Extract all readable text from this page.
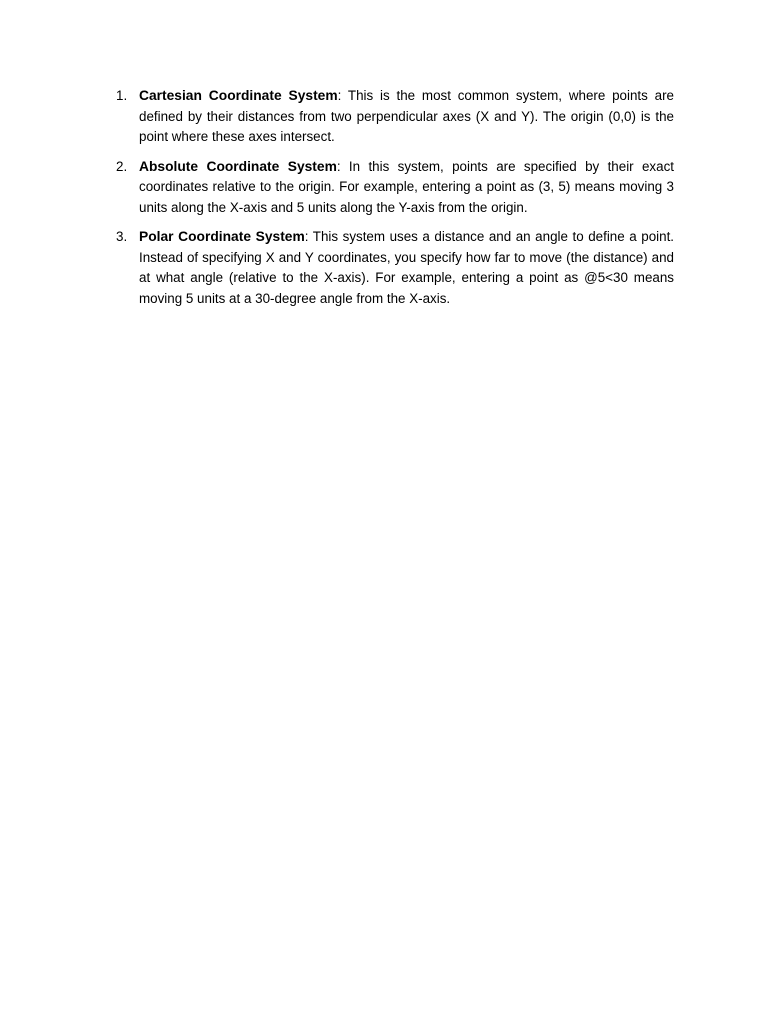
1. Cartesian Coordinate System: This is the most common system, where points are defined by their distances from two perpendicular axes (X and Y). The origin (0,0) is the point where these axes intersect.
2. Absolute Coordinate System: In this system, points are specified by their exact coordinates relative to the origin. For example, entering a point as (3, 5) means moving 3 units along the X-axis and 5 units along the Y-axis from the origin.
3. Polar Coordinate System: This system uses a distance and an angle to define a point. Instead of specifying X and Y coordinates, you specify how far to move (the distance) and at what angle (relative to the X-axis). For example, entering a point as @5<30 means moving 5 units at a 30-degree angle from the X-axis.
